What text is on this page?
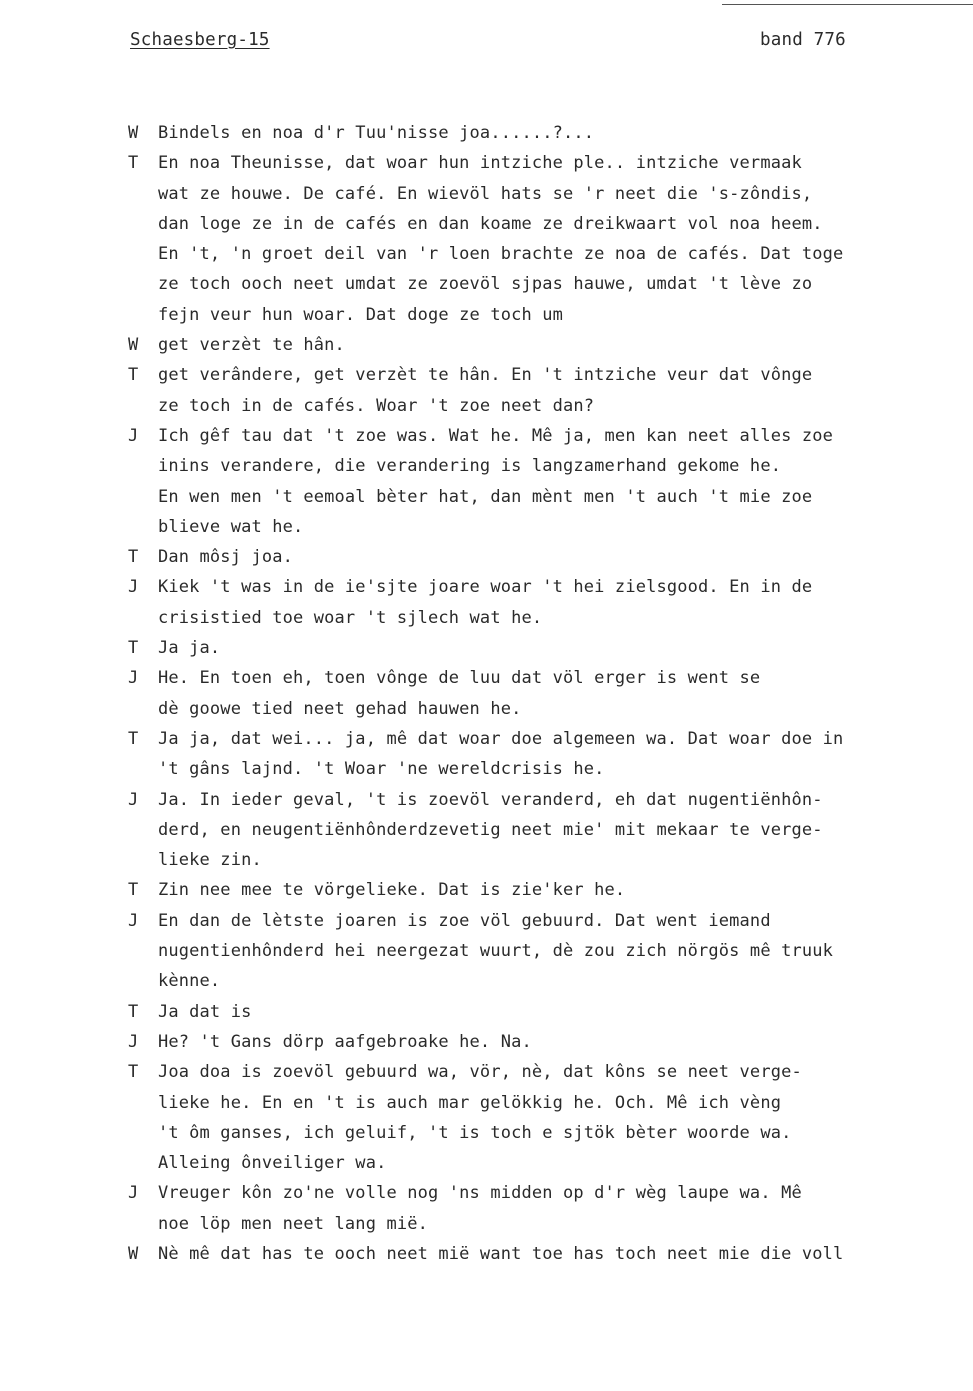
Schaesberg-15	band 776
W	Bindels en noa d'r Tuu'nisse joa......?...
T	En noa Theunisse, dat woar hun intziche ple.. intziche vermaak
wat ze houwe. De café. En wievöl hats se 'r neet die 's-zôndis,
dan loge ze in de cafés en dan koame ze dreikwaart vol noa heem.
En 't, 'n groet deil van 'r loen brachte ze noa de cafés. Dat toge
ze toch ooch neet umdat ze zoevöl sjpas hauwe, umdat 't lève zo
fejn veur hun woar. Dat doge ze toch um
W	get verzèt te hân.
T	get verândere, get verzèt te hân. En 't intziche veur dat vônge
ze toch in de cafés. Woar 't zoe neet dan?
J	Ich gêf tau dat 't zoe was. Wat he. Mê ja, men kan neet alles zoe
inins verandere, die verandering is langzamerhand gekome he.
En wen men 't eemoal bèter hat, dan mènt men 't auch 't mie zoe
blieve wat he.
T	Dan môsj joa.
J	Kiek 't was in de ie'sjte joare woar 't hei zielsgood. En in de
crisistied toe woar 't sjlech wat he.
T	Ja ja.
J	He. En toen eh, toen vônge de luu dat völ erger is went se
dè goowe tied neet gehad hauwen he.
T	Ja ja, dat wei... ja, mê dat woar doe algemeen wa. Dat woar doe in
't gâns lajnd. 't Woar 'ne wereldcrisis he.
J	Ja. In ieder geval, 't is zoevöl veranderd, eh dat nugentiënhôn-
derd, en neugentiënhônderdzevetig neet mie' mit mekaar te verge-
lieke zin.
T	Zin nee mee te vörgelieke. Dat is zie'ker he.
J	En dan de lètste joaren is zoe völ gebuurd. Dat went iemand
nugentienhônderd hei neergezat wuurt, dè zou zich nörgös mê truuk
kènne.
T	Ja dat is
J	He? 't Gans dörp aafgebroake he. Na.
T	Joa doa is zoevöl gebuurd wa, vör, nè, dat kôns se neet verge-
lieke he. En en 't is auch mar gelökkig he. Och. Mê ich vèng
't ôm ganses, ich geluif, 't is toch e sjtök bèter woorde wa.
Alleing ônveiliger wa.
J	Vreuger kôn zo'ne volle nog 'ns midden op d'r wèg laupe wa. Mê
noe löp men neet lang mië.
W	Nè mê dat has te ooch neet mië want toe has toch neet mie die voll
